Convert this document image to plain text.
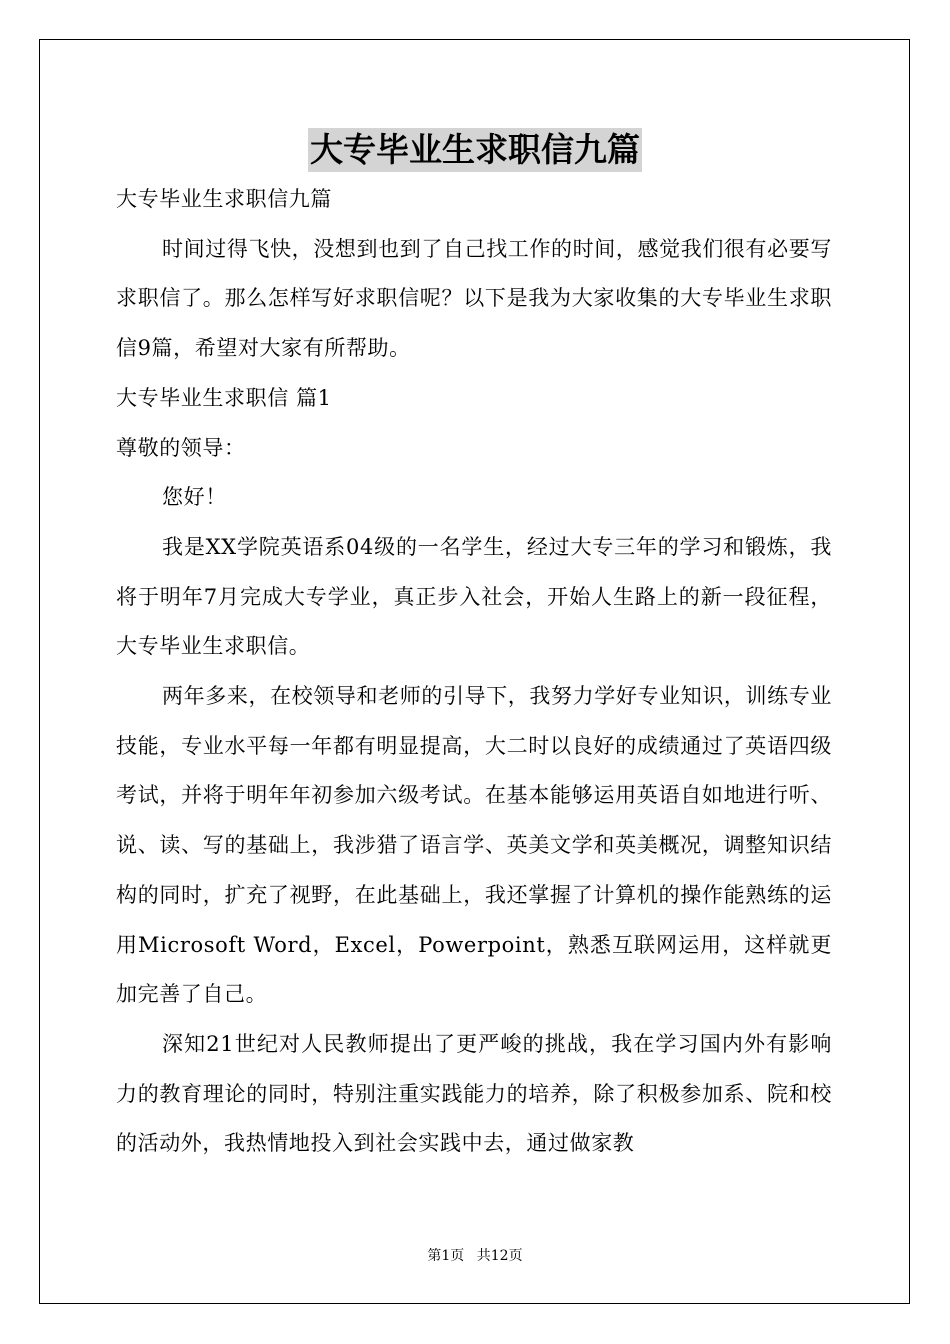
大专毕业生求职信九篇

大专毕业生求职信九篇

时间过得飞快，没想到也到了自己找工作的时间，感觉我们很有必要写求职信了。那么怎样写好求职信呢？以下是我为大家收集的大专毕业生求职信9篇，希望对大家有所帮助。

大专毕业生求职信 篇1

尊敬的领导：

您好！

我是XX学院英语系04级的一名学生，经过大专三年的学习和锻炼，我将于明年7月完成大专学业，真正步入社会，开始人生路上的新一段征程，大专毕业生求职信。

两年多来，在校领导和老师的引导下，我努力学好专业知识，训练专业技能，专业水平每一年都有明显提高，大二时以良好的成绩通过了英语四级考试，并将于明年年初参加六级考试。在基本能够运用英语自如地进行听、说、读、写的基础上，我涉猎了语言学、英美文学和英美概况，调整知识结构的同时，扩充了视野，在此基础上，我还掌握了计算机的操作能熟练的运用Microsoft Word，Excel，Powerpoint，熟悉互联网运用，这样就更加完善了自己。

深知21世纪对人民教师提出了更严峻的挑战，我在学习国内外有影响力的教育理论的同时，特别注重实践能力的培养，除了积极参加系、院和校的活动外，我热情地投入到社会实践中去，通过做家教

第1页 共12页
